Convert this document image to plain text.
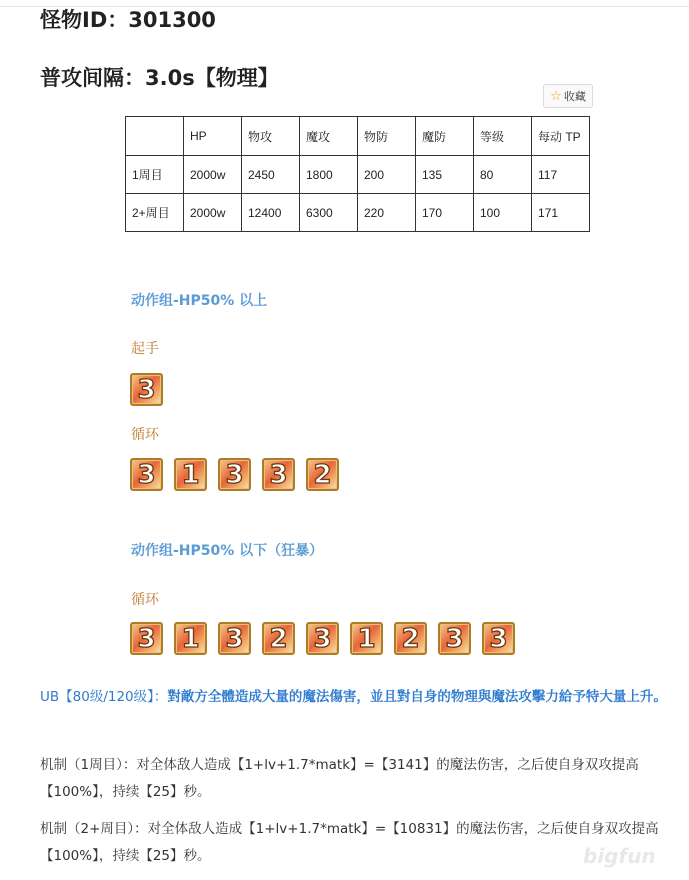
怪物ID：301300
普攻间隔：3.0s【物理】
☆ 收藏
	HP	物攻	魔攻	物防	魔防	等级	每动 TP
1周目	2000w	2450	1800	200	135	80	117
2+周目	2000w	12400	6300	220	170	100	171
动作组-HP50% 以上
起手
3
循环
3 1 3 3 2
动作组-HP50% 以下（狂暴）
循环
3 1 3 2 3 1 2 3 3
UB【80级/120级】：對敵方全體造成大量的魔法傷害，並且對自身的物理與魔法攻擊力給予特大量上升。
机制（1周目）：对全体敌人造成【1+lv+1.7*matk】=【3141】的魔法伤害，之后使自身双攻提高【100%】，持续【25】秒。
机制（2+周目）：对全体敌人造成【1+lv+1.7*matk】=【10831】的魔法伤害，之后使自身双攻提高【100%】，持续【25】秒。	bigfun
